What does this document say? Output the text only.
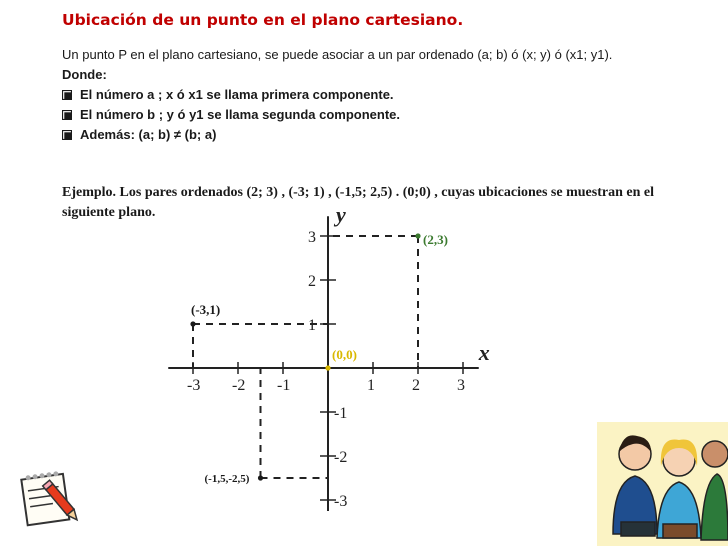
Ubicación de un punto en el plano cartesiano.

Un punto P en el plano cartesiano, se puede asociar a un par ordenado (a; b) ó (x; y) ó (x1; y1).

Donde:

El número a ; x ó x1 se llama primera componente.
El número b ; y ó y1 se llama segunda componente.
Además: (a; b) ≠ (b; a)

Ejemplo. Los pares ordenados (2; 3) , (-3; 1) , (-1,5; 2,5) . (0;0) , cuyas ubicaciones se muestran en el siguiente plano.

x
y
-3 -2 -1	1 2 3
3
2
1
-1
-2
-3
(2,3)
(-3,1)
(-1,5,-2,5)
(0,0)
